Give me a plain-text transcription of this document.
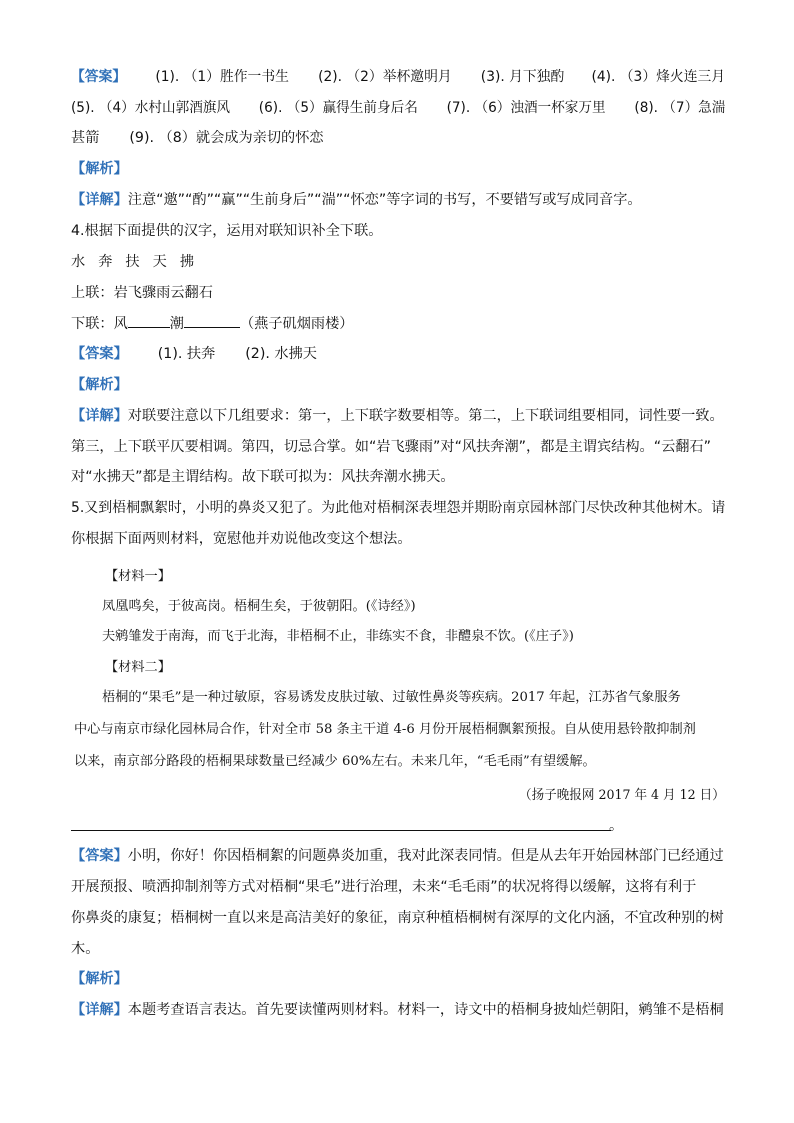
【答案】 (1). （1）胜作一书生 (2). （2）举杯邀明月 (3). 月下独酌 (4). （3）烽火连三月
(5). （4）水村山郭酒旗风 (6). （5）赢得生前身后名 (7). （6）浊酒一杯家万里 (8). （7）急湍
甚箭 (9). （8）就会成为亲切的怀恋
【解析】
【详解】注意“邀”“酌”“赢”“生前身后”“湍”“怀恋”等字词的书写，不要错写或写成同音字。
4.根据下面提供的汉字，运用对联知识补全下联。
水 奔 扶 天 拂
上联：岩飞骤雨云翻石
下联：风	潮	（燕子矶烟雨楼）
【答案】 (1). 扶奔 (2). 水拂天
【解析】
【详解】对联要注意以下几组要求：第一，上下联字数要相等。第二，上下联词组要相同，词性要一致。
第三，上下联平仄要相调。第四，切忌合掌。如“岩飞骤雨”对“风扶奔潮”，都是主谓宾结构。“云翻石”
对“水拂天”都是主谓结构。故下联可拟为：风扶奔潮水拂天。
5.又到梧桐飘絮时，小明的鼻炎又犯了。为此他对梧桐深表埋怨并期盼南京园林部门尽快改种其他树木。请
你根据下面两则材料，宽慰他并劝说他改变这个想法。
【材料一】
凤凰鸣矣，于彼高岗。梧桐生矣，于彼朝阳。(《诗经》)
夫鹓雏发于南海，而飞于北海，非梧桐不止，非练实不食，非醴泉不饮。(《庄子》)
【材料二】
梧桐的“果毛”是一种过敏原，容易诱发皮肤过敏、过敏性鼻炎等疾病。2017 年起，江苏省气象服务
中心与南京市绿化园林局合作，针对全市 58 条主干道 4-6 月份开展梧桐飘絮预报。自从使用悬铃散抑制剂
以来，南京部分路段的梧桐果球数量已经减少 60%左右。未来几年，“毛毛雨”有望缓解。
（扬子晚报网 2017 年 4 月 12 日）
。
【答案】小明，你好！你因梧桐絮的问题鼻炎加重，我对此深表同情。但是从去年开始园林部门已经通过
开展预报、喷洒抑制剂等方式对梧桐“果毛”进行治理，未来“毛毛雨”的状况将得以缓解，这将有利于
你鼻炎的康复；梧桐树一直以来是高洁美好的象征，南京种植梧桐树有深厚的文化内涵，不宜改种别的树
木。
【解析】
【详解】本题考查语言表达。首先要读懂两则材料。材料一，诗文中的梧桐身披灿烂朝阳，鹓雏不是梧桐
